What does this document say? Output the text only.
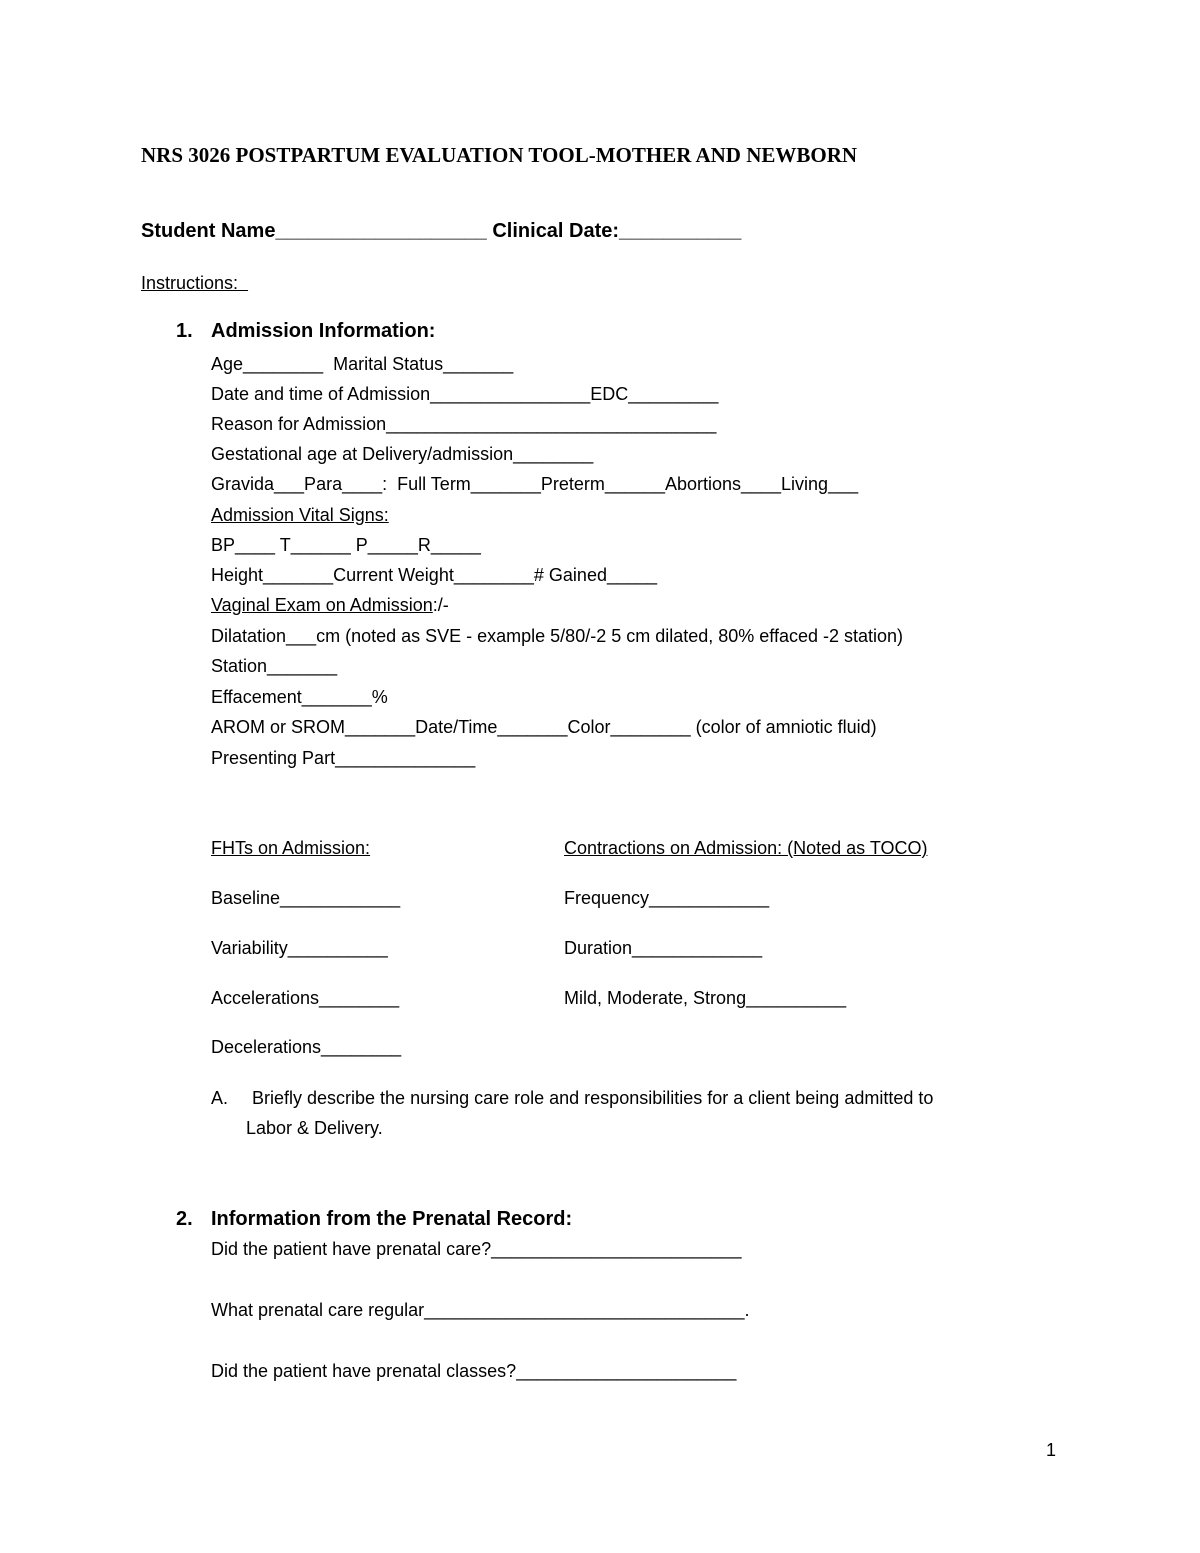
NRS 3026 POSTPARTUM EVALUATION TOOL-MOTHER AND NEWBORN
Student Name___________________ Clinical Date:___________
Instructions:
1. Admission Information:
Age________  Marital Status_______
Date and time of Admission________________EDC_________
Reason for Admission_________________________________
Gestational age at Delivery/admission________
Gravida___Para____:  Full Term_______Preterm______Abortions____Living___
Admission Vital Signs:
BP____ T______ P_____R_____
Height_______Current Weight________# Gained_____
Vaginal Exam on Admission:/-
Dilatation___cm (noted as SVE - example 5/80/-2 5 cm dilated, 80% effaced -2 station)
Station_______
Effacement_______%
AROM or SROM_______Date/Time_______Color________ (color of amniotic fluid)
Presenting Part______________
FHTs on Admission:
Baseline____________
Variability__________
Accelerations________
Decelerations________
Contractions on Admission: (Noted as TOCO)
Frequency____________
Duration_____________
Mild, Moderate, Strong__________
A. Briefly describe the nursing care role and responsibilities for a client being admitted to
Labor & Delivery.
2. Information from the Prenatal Record:
Did the patient have prenatal care?_________________________
What prenatal care regular________________________________.
Did the patient have prenatal classes?______________________
1
